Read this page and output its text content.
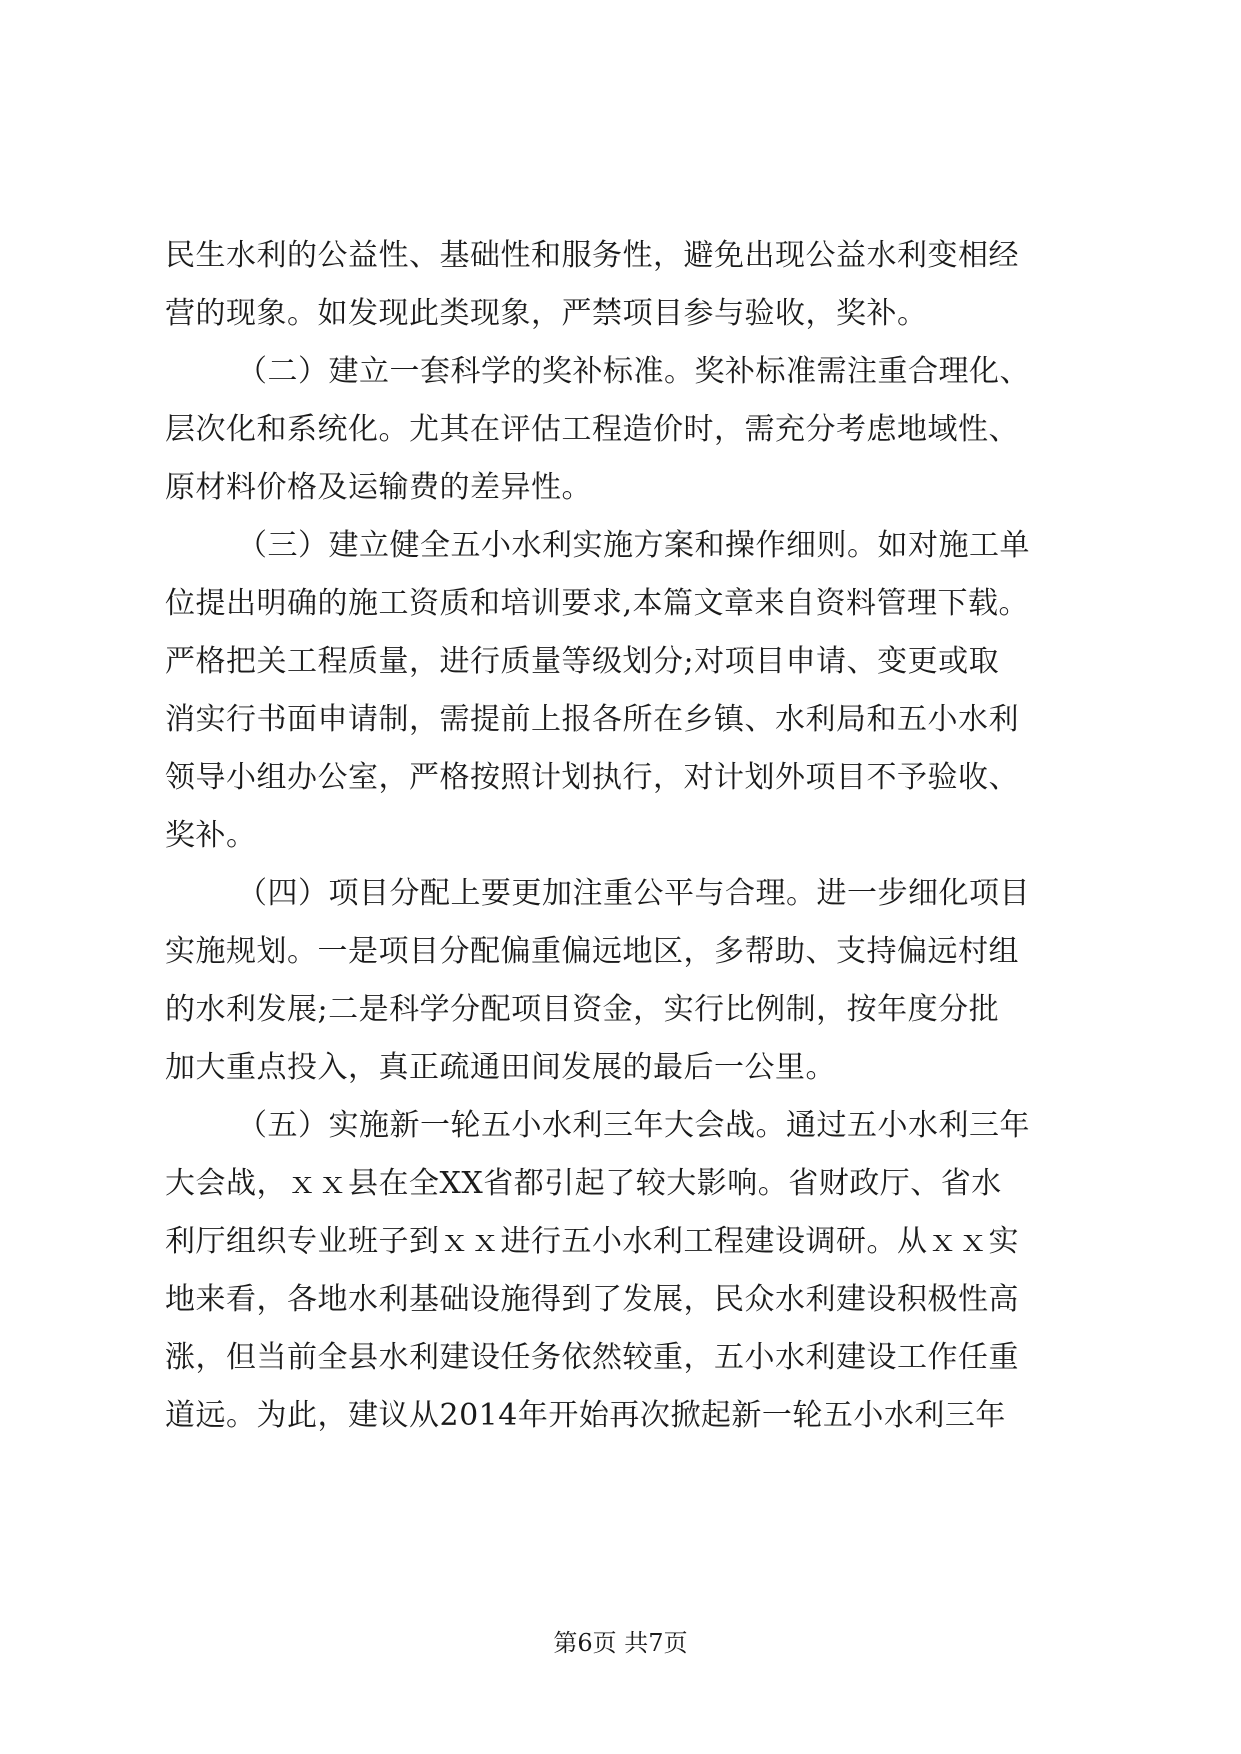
民生水利的公益性、基础性和服务性，避免出现公益水利变相经
营的现象。如发现此类现象，严禁项目参与验收，奖补。
（二）建立一套科学的奖补标准。奖补标准需注重合理化、
层次化和系统化。尤其在评估工程造价时，需充分考虑地域性、
原材料价格及运输费的差异性。
（三）建立健全五小水利实施方案和操作细则。如对施工单
位提出明确的施工资质和培训要求,本篇文章来自资料管理下载。
严格把关工程质量，进行质量等级划分;对项目申请、变更或取
消实行书面申请制，需提前上报各所在乡镇、水利局和五小水利
领导小组办公室，严格按照计划执行，对计划外项目不予验收、
奖补。
（四）项目分配上要更加注重公平与合理。进一步细化项目
实施规划。一是项目分配偏重偏远地区，多帮助、支持偏远村组
的水利发展;二是科学分配项目资金，实行比例制，按年度分批
加大重点投入，真正疏通田间发展的最后一公里。
（五）实施新一轮五小水利三年大会战。通过五小水利三年
大会战，ｘｘ县在全XX省都引起了较大影响。省财政厅、省水
利厅组织专业班子到ｘｘ进行五小水利工程建设调研。从ｘｘ实
地来看，各地水利基础设施得到了发展，民众水利建设积极性高
涨，但当前全县水利建设任务依然较重，五小水利建设工作任重
道远。为此，建议从2014年开始再次掀起新一轮五小水利三年
第6页 共7页
